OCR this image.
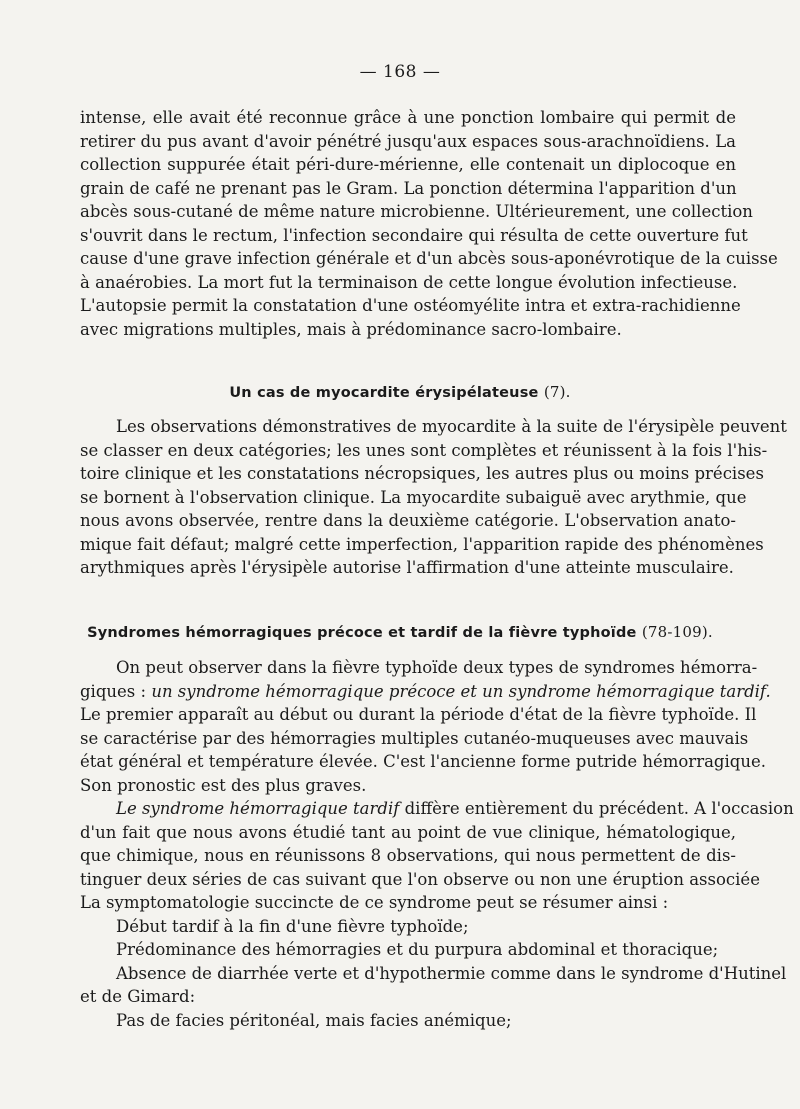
— 168 —

intense, elle avait été reconnue grâce à une ponction lombaire qui permit de
retirer du pus avant d'avoir pénétré jusqu'aux espaces sous-arachnoïdiens. La
collection suppurée était péri-dure-mérienne, elle contenait un diplocoque en
grain de café ne prenant pas le Gram. La ponction détermina l'apparition d'un
abcès sous-cutané de même nature microbienne. Ultérieurement, une collection
s'ouvrit dans le rectum, l'infection secondaire qui résulta de cette ouverture fut
cause d'une grave infection générale et d'un abcès sous-aponévrotique de la cuisse
à anaérobies. La mort fut la terminaison de cette longue évolution infectieuse.
L'autopsie permit la constatation d'une ostéomyélite intra et extra-rachidienne
avec migrations multiples, mais à prédominance sacro-lombaire.

Un cas de myocardite érysipélateuse (7).

Les observations démonstratives de myocardite à la suite de l'érysipèle peuvent
se classer en deux catégories; les unes sont complètes et réunissent à la fois l'his-
toire clinique et les constatations nécropsiques, les autres plus ou moins précises
se bornent à l'observation clinique. La myocardite subaiguë avec arythmie, que
nous avons observée, rentre dans la deuxième catégorie. L'observation anato-
mique fait défaut; malgré cette imperfection, l'apparition rapide des phénomènes
arythmiques après l'érysipèle autorise l'affirmation d'une atteinte musculaire.

Syndromes hémorragiques précoce et tardif de la fièvre typhoïde (78-109).

On peut observer dans la fièvre typhoïde deux types de syndromes hémorra-
giques : un syndrome hémorragique précoce et un syndrome hémorragique tardif.
Le premier apparaît au début ou durant la période d'état de la fièvre typhoïde. Il
se caractérise par des hémorragies multiples cutanéo-muqueuses avec mauvais
état général et température élevée. C'est l'ancienne forme putride hémorragique.
Son pronostic est des plus graves.

Le syndrome hémorragique tardif diffère entièrement du précédent. A l'occasion
d'un fait que nous avons étudié tant au point de vue clinique, hématologique,
que chimique, nous en réunissons 8 observations, qui nous permettent de dis-
tinguer deux séries de cas suivant que l'on observe ou non une éruption associée
La symptomatologie succincte de ce syndrome peut se résumer ainsi :

Début tardif à la fin d'une fièvre typhoïde;
Prédominance des hémorragies et du purpura abdominal et thoracique;
Absence de diarrhée verte et d'hypothermie comme dans le syndrome d'Hutinel
et de Gimard:
Pas de facies péritonéal, mais facies anémique;
